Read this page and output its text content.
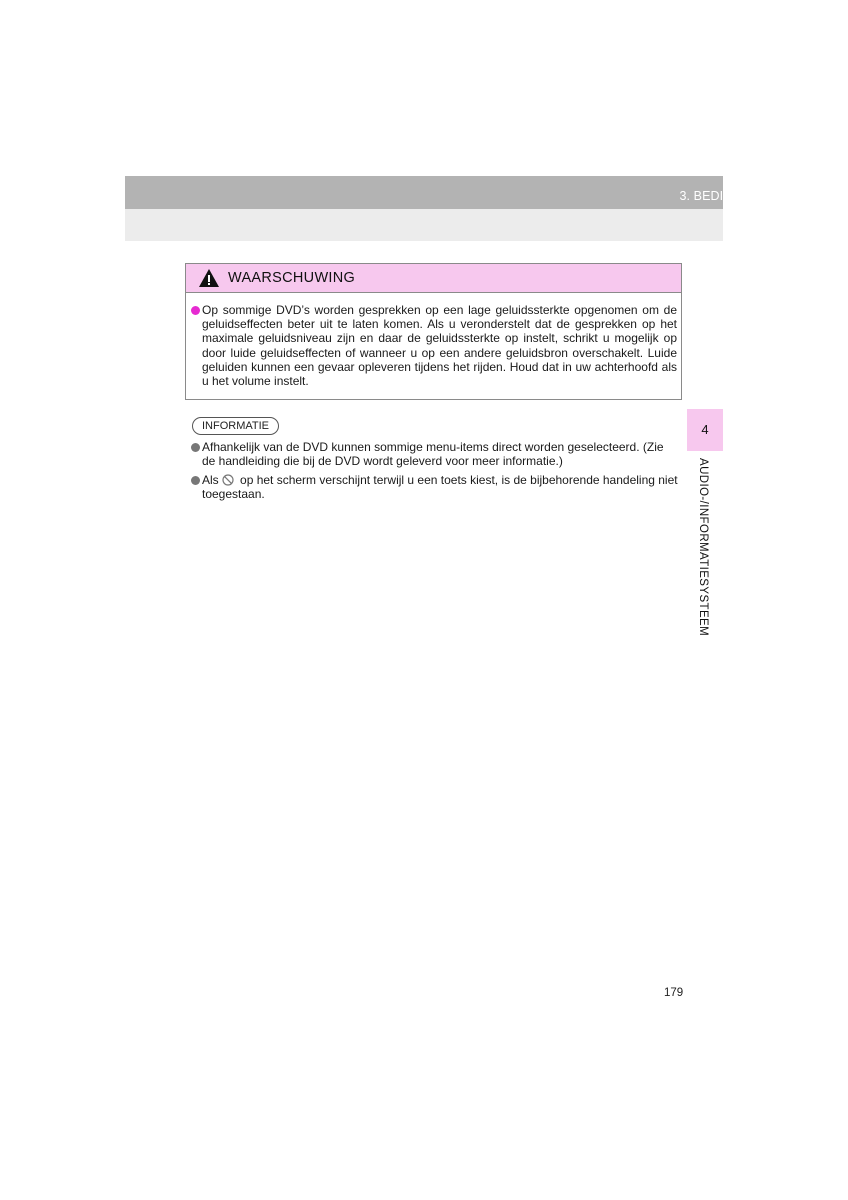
3. BEDIENING MEDIA
WAARSCHUWING
Op sommige DVD’s worden gesprekken op een lage geluidssterkte opgenomen om de geluidseffecten beter uit te laten komen. Als u veronderstelt dat de gesprekken op het maximale geluidsniveau zijn en daar de geluidssterkte op instelt, schrikt u mogelijk op door luide geluidseffecten of wanneer u op een andere geluidsbron overschakelt. Luide geluiden kunnen een gevaar opleveren tijdens het rijden. Houd dat in uw achterhoofd als u het volume instelt.
INFORMATIE
Afhankelijk van de DVD kunnen sommige menu-items direct worden geselecteerd. (Zie de handleiding die bij de DVD wordt geleverd voor meer informatie.)
Als op het scherm verschijnt terwijl u een toets kiest, is de bijbehorende handeling niet toegestaan.
4
AUDIO-/INFORMATIESYSTEEM
179
